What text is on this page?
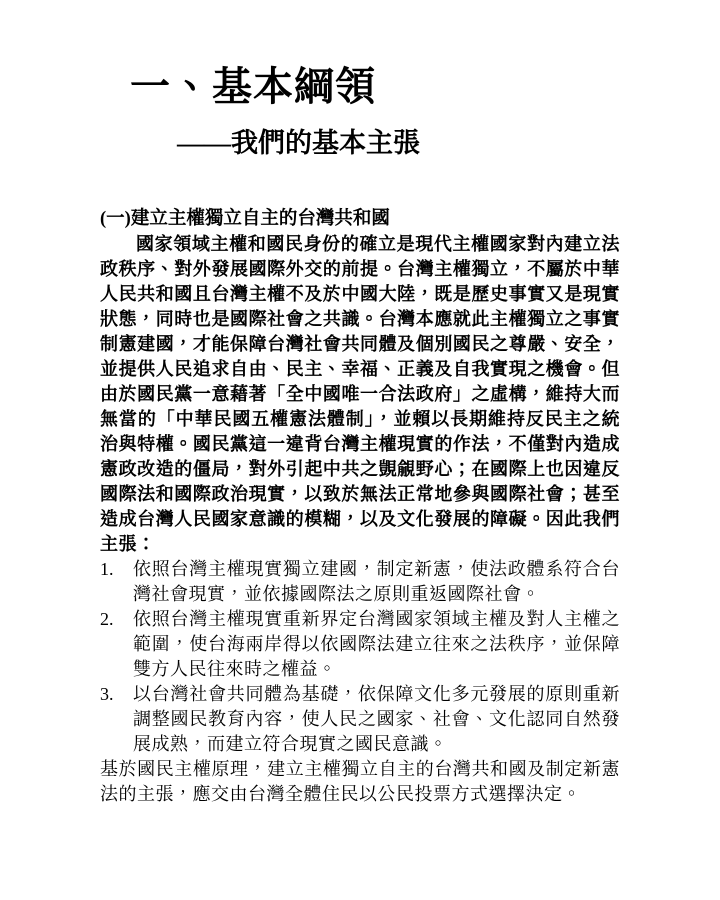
一、基本綱領
——我們的基本主張
(一)建立主權獨立自主的台灣共和國
國家領域主權和國民身份的確立是現代主權國家對內建立法政秩序、對外發展國際外交的前提。台灣主權獨立，不屬於中華人民共和國且台灣主權不及於中國大陸，既是歷史事實又是現實狀態，同時也是國際社會之共識。台灣本應就此主權獨立之事實制憲建國，才能保障台灣社會共同體及個別國民之尊嚴、安全，並提供人民追求自由、民主、幸福、正義及自我實現之機會。但由於國民黨一意藉著「全中國唯一合法政府」之虛構，維持大而無當的「中華民國五權憲法體制」，並賴以長期維持反民主之統治與特權。國民黨這一違背台灣主權現實的作法，不僅對內造成憲政改造的僵局，對外引起中共之覬覦野心；在國際上也因違反國際法和國際政治現實，以致於無法正常地參與國際社會；甚至造成台灣人民國家意識的模糊，以及文化發展的障礙。因此我們主張：
1.	依照台灣主權現實獨立建國，制定新憲，使法政體系符合台灣社會現實，並依據國際法之原則重返國際社會。
2.	依照台灣主權現實重新界定台灣國家領域主權及對人主權之範圍，使台海兩岸得以依國際法建立往來之法秩序，並保障雙方人民往來時之權益。
3.	以台灣社會共同體為基礎，依保障文化多元發展的原則重新調整國民教育內容，使人民之國家、社會、文化認同自然發展成熟，而建立符合現實之國民意識。
基於國民主權原理，建立主權獨立自主的台灣共和國及制定新憲法的主張，應交由台灣全體住民以公民投票方式選擇決定。
